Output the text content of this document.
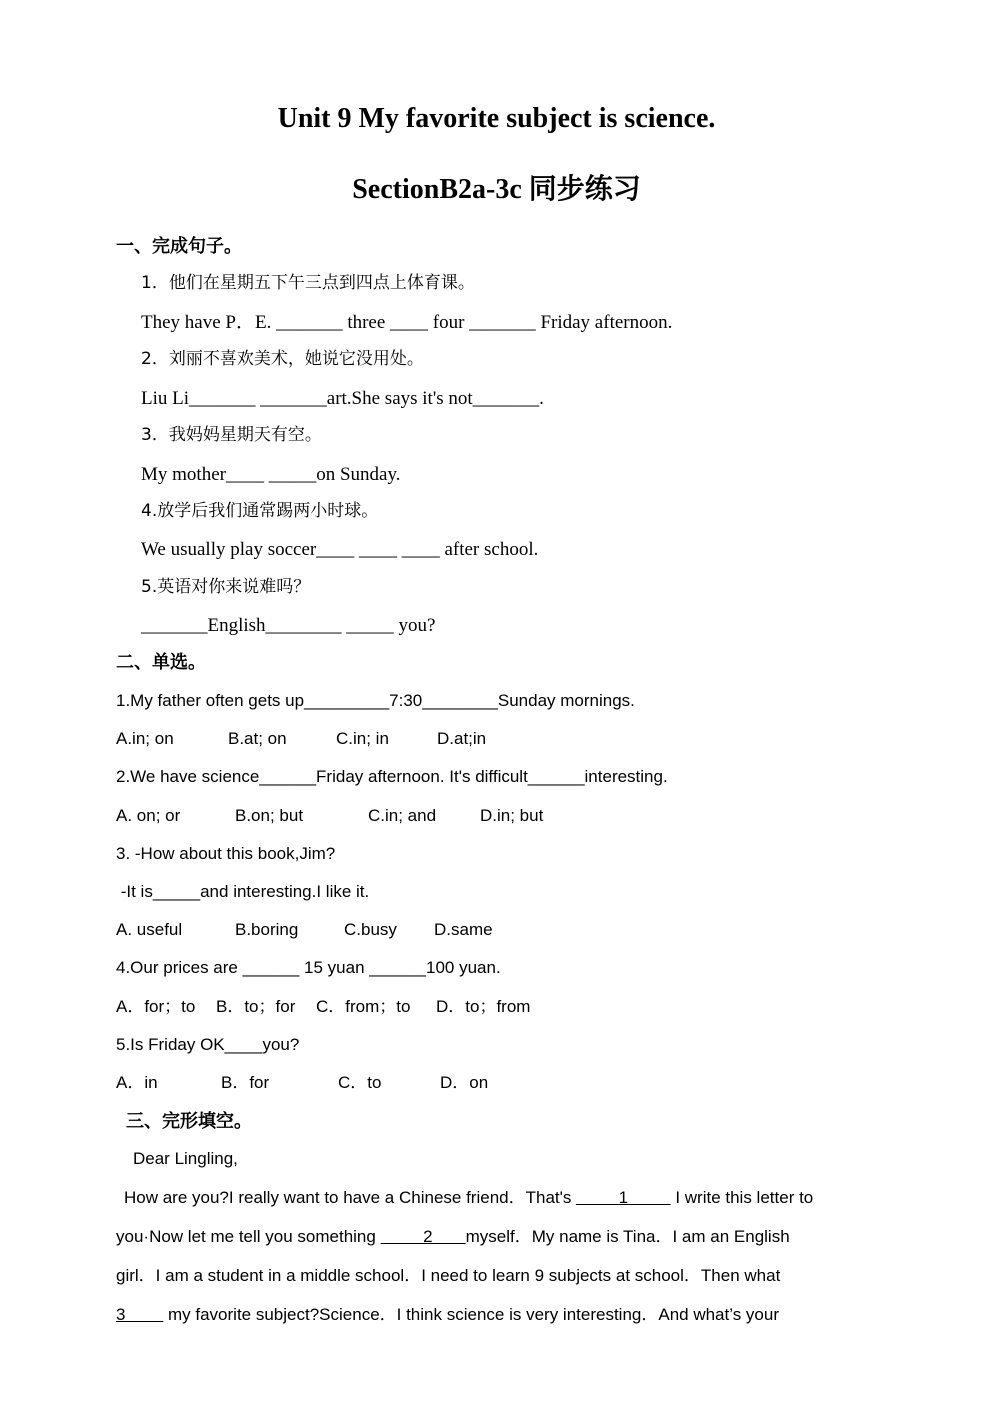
Unit 9 My favorite subject is science.
SectionB2a-3c 同步练习
一、完成句子。
1．他们在星期五下午三点到四点上体育课。
They have P．E. _______ three ____ four _______ Friday afternoon.
2．刘丽不喜欢美术，她说它没用处。
Liu Li_______ _______art.She says it's not_______.
3．我妈妈星期天有空。
My mother____ _____on Sunday.
4.放学后我们通常踢两小时球。
We usually play soccer____ ____ ____ after school.
5.英语对你来说难吗？
_______English________ _____ you?
二、单选。
1.My father often gets up_________7:30________Sunday mornings.
A.in; on	B.at; on	C.in; in	D.at;in
2.We have science______Friday afternoon. It's difficult______interesting.
A. on; or	B.on; but	C.in; and	D.in; but
3. -How about this book,Jim?
-It is_____and interesting.I like it.
A. useful	B.boring	C.busy D.same
4.Our prices are ______ 15 yuan ______100 yuan.
A．for；to B．to；for C．from；to D．to；from
5.Is Friday OK____you?
A．in	B．for	C．to	D．on
三、完形填空。
Dear Lingling,
How are you?I really want to have a Chinese friend．That's	1	I write this letter to
you·Now let me tell you something	2 myself．My name is Tina．I am an English
girl．I am a student in a middle school．I need to learn 9 subjects at school．Then what
3         my favorite subject?Science．I think science is very interesting．And what’s your
